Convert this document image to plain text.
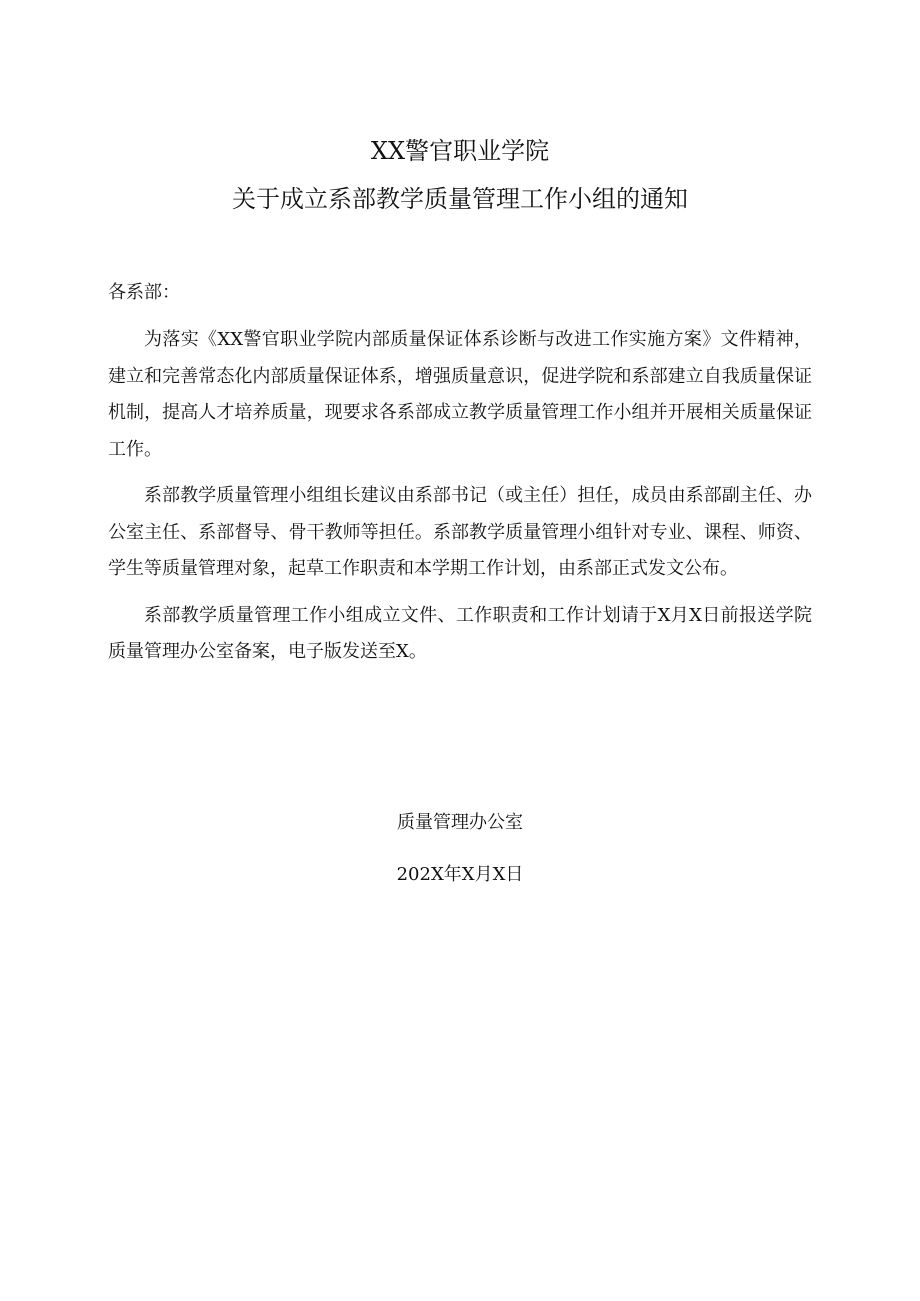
XX警官职业学院
关于成立系部教学质量管理工作小组的通知
各系部：

为落实《XX警官职业学院内部质量保证体系诊断与改进工作实施方案》文件精神，建立和完善常态化内部质量保证体系，增强质量意识，促进学院和系部建立自我质量保证机制，提高人才培养质量，现要求各系部成立教学质量管理工作小组并开展相关质量保证工作。

系部教学质量管理小组组长建议由系部书记（或主任）担任，成员由系部副主任、办公室主任、系部督导、骨干教师等担任。系部教学质量管理小组针对专业、课程、师资、学生等质量管理对象，起草工作职责和本学期工作计划，由系部正式发文公布。

系部教学质量管理工作小组成立文件、工作职责和工作计划请于X月X日前报送学院质量管理办公室备案，电子版发送至X。

质量管理办公室
202X年X月X日
